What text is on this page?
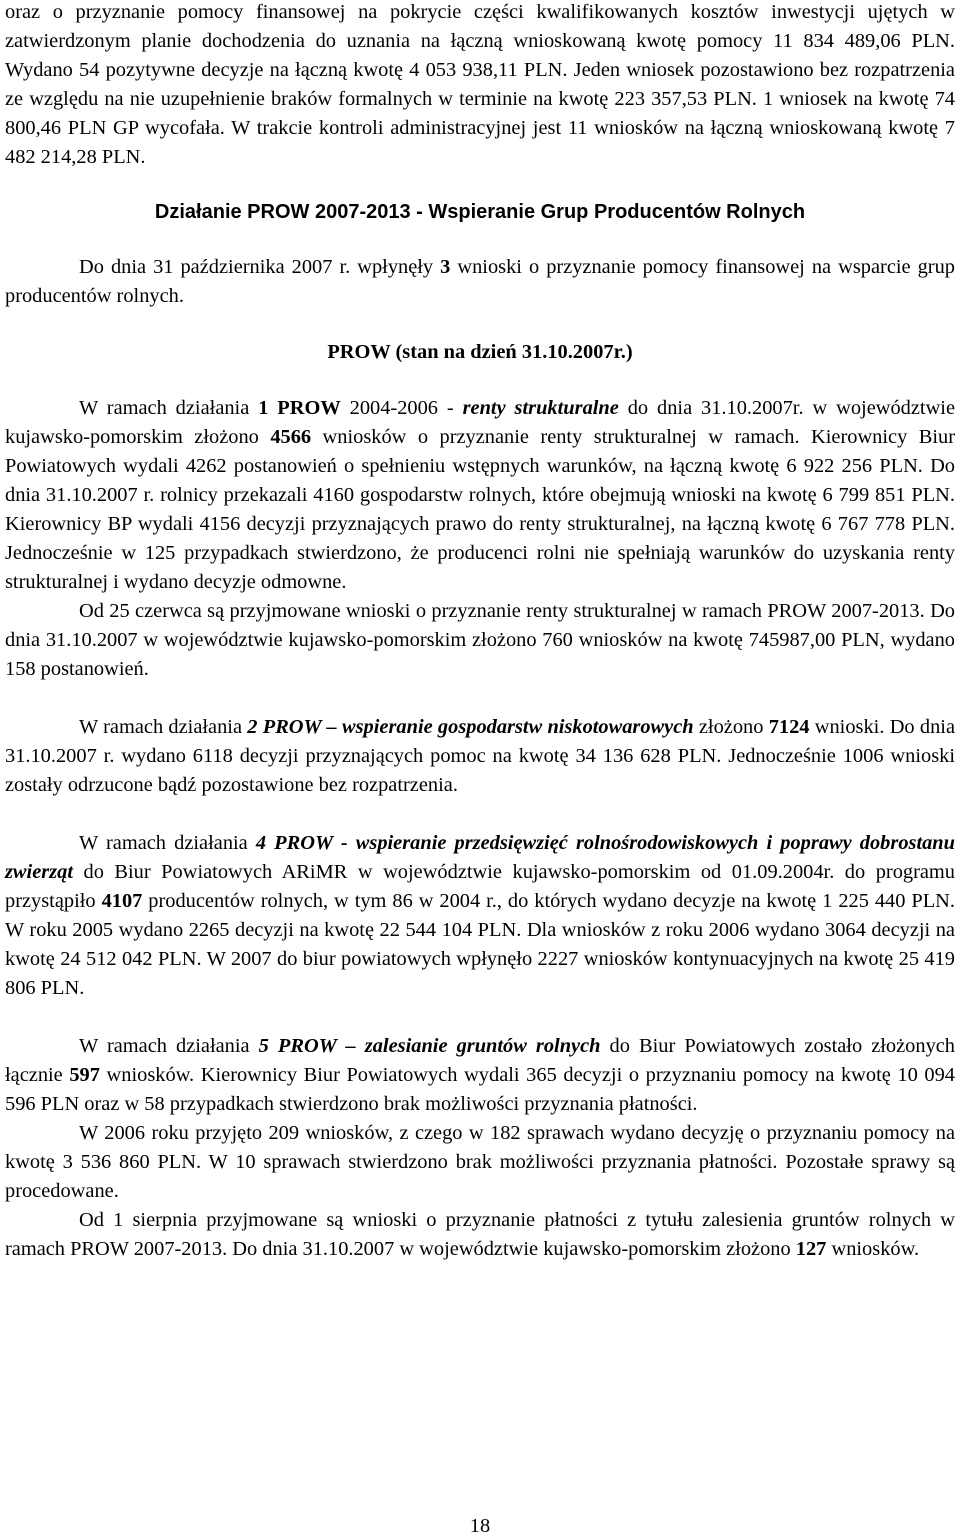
oraz o przyznanie pomocy finansowej na pokrycie części kwalifikowanych kosztów inwestycji ujętych w zatwierdzonym planie dochodzenia do uznania na łączną wnioskowaną kwotę pomocy 11 834 489,06 PLN. Wydano 54 pozytywne decyzje na łączną kwotę 4 053 938,11 PLN. Jeden wniosek pozostawiono bez rozpatrzenia ze względu na nie uzupełnienie braków formalnych w terminie na kwotę 223 357,53 PLN. 1 wniosek na kwotę 74 800,46 PLN GP wycofała. W trakcie kontroli administracyjnej jest 11 wniosków na łączną wnioskowaną kwotę 7 482 214,28 PLN.

Działanie PROW 2007-2013 - Wspieranie Grup Producentów Rolnych

Do dnia 31 października 2007 r. wpłynęły 3 wnioski o przyznanie pomocy finansowej na wsparcie grup producentów rolnych.

PROW (stan na dzień 31.10.2007r.)

W ramach działania 1 PROW 2004-2006 - renty strukturalne do dnia 31.10.2007r. w województwie kujawsko-pomorskim złożono 4566 wniosków o przyznanie renty strukturalnej w ramach. Kierownicy Biur Powiatowych wydali 4262 postanowień o spełnieniu wstępnych warunków, na łączną kwotę 6 922 256 PLN. Do dnia 31.10.2007 r. rolnicy przekazali 4160 gospodarstw rolnych, które obejmują wnioski na kwotę 6 799 851 PLN. Kierownicy BP wydali 4156 decyzji przyznających prawo do renty strukturalnej, na łączną kwotę 6 767 778 PLN. Jednocześnie w 125 przypadkach stwierdzono, że producenci rolni nie spełniają warunków do uzyskania renty strukturalnej i wydano decyzje odmowne.

Od 25 czerwca są przyjmowane wnioski o przyznanie renty strukturalnej w ramach PROW 2007-2013. Do dnia 31.10.2007 w województwie kujawsko-pomorskim złożono 760 wniosków na kwotę 745987,00 PLN, wydano 158 postanowień.

W ramach działania 2 PROW – wspieranie gospodarstw niskotowarowych złożono 7124 wnioski. Do dnia 31.10.2007 r. wydano 6118 decyzji przyznających pomoc na kwotę 34 136 628 PLN. Jednocześnie 1006 wnioski zostały odrzucone bądź pozostawione bez rozpatrzenia.

W ramach działania 4 PROW - wspieranie przedsięwzięć rolnośrodowiskowych i poprawy dobrostanu zwierząt do Biur Powiatowych ARiMR w województwie kujawsko-pomorskim od 01.09.2004r. do programu przystąpiło 4107 producentów rolnych, w tym 86 w 2004 r., do których wydano decyzje na kwotę 1 225 440 PLN. W roku 2005 wydano 2265 decyzji na kwotę 22 544 104 PLN. Dla wniosków z roku 2006 wydano 3064 decyzji na kwotę 24 512 042 PLN. W 2007 do biur powiatowych wpłynęło 2227 wniosków kontynuacyjnych na kwotę 25 419 806 PLN.

W ramach działania 5 PROW – zalesianie gruntów rolnych do Biur Powiatowych zostało złożonych łącznie 597 wniosków. Kierownicy Biur Powiatowych wydali 365 decyzji o przyznaniu pomocy na kwotę 10 094 596 PLN oraz w 58 przypadkach stwierdzono brak możliwości przyznania płatności.

W 2006 roku przyjęto 209 wniosków, z czego w 182 sprawach wydano decyzję o przyznaniu pomocy na kwotę 3 536 860 PLN. W 10 sprawach stwierdzono brak możliwości przyznania płatności. Pozostałe sprawy są procedowane.

Od 1 sierpnia przyjmowane są wnioski o przyznanie płatności z tytułu zalesienia gruntów rolnych w ramach PROW 2007-2013. Do dnia 31.10.2007 w województwie kujawsko-pomorskim złożono 127 wniosków.

18
